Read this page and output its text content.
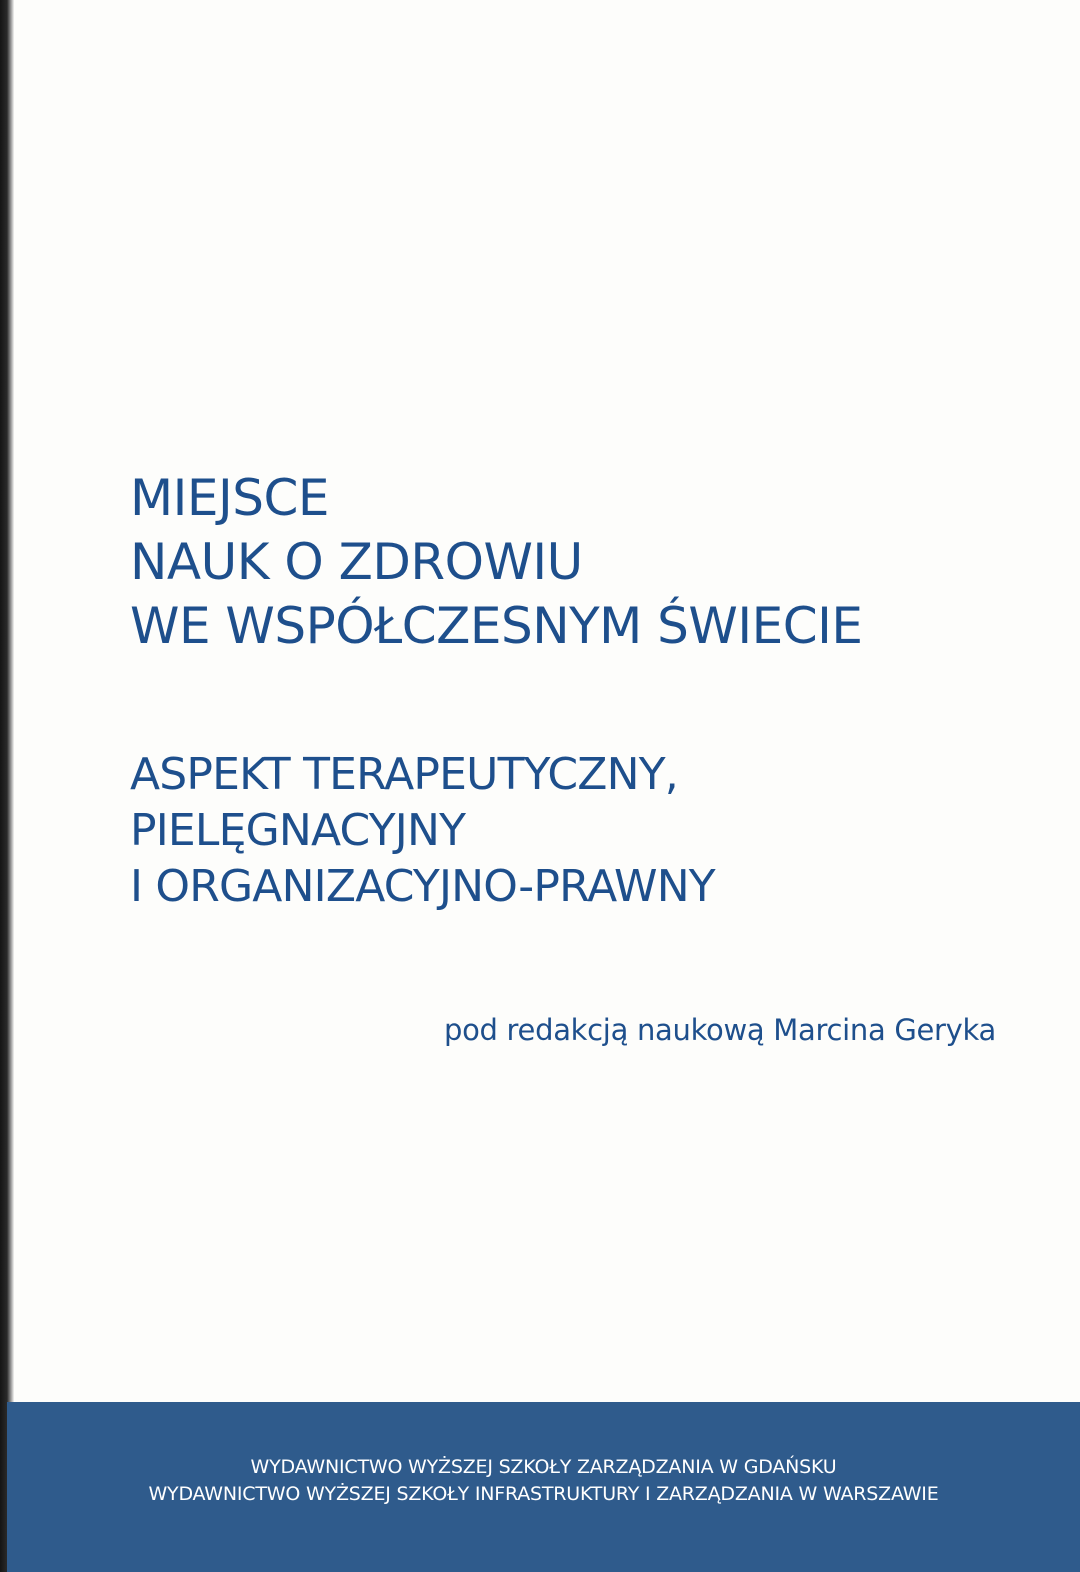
MIEJSCE
NAUK O ZDROWIU
WE WSPÓŁCZESNYM ŚWIECIE
ASPEKT TERAPEUTYCZNY,
PIELĘGNACYJNY
I ORGANIZACYJNO-PRAWNY
pod redakcją naukową Marcina Geryka
WYDAWNICTWO WYŻSZEJ SZKOŁY ZARZĄDZANIA W GDAŃSKU
WYDAWNICTWO WYŻSZEJ SZKOŁY INFRASTRUKTURY I ZARZĄDZANIA W WARSZAWIE
